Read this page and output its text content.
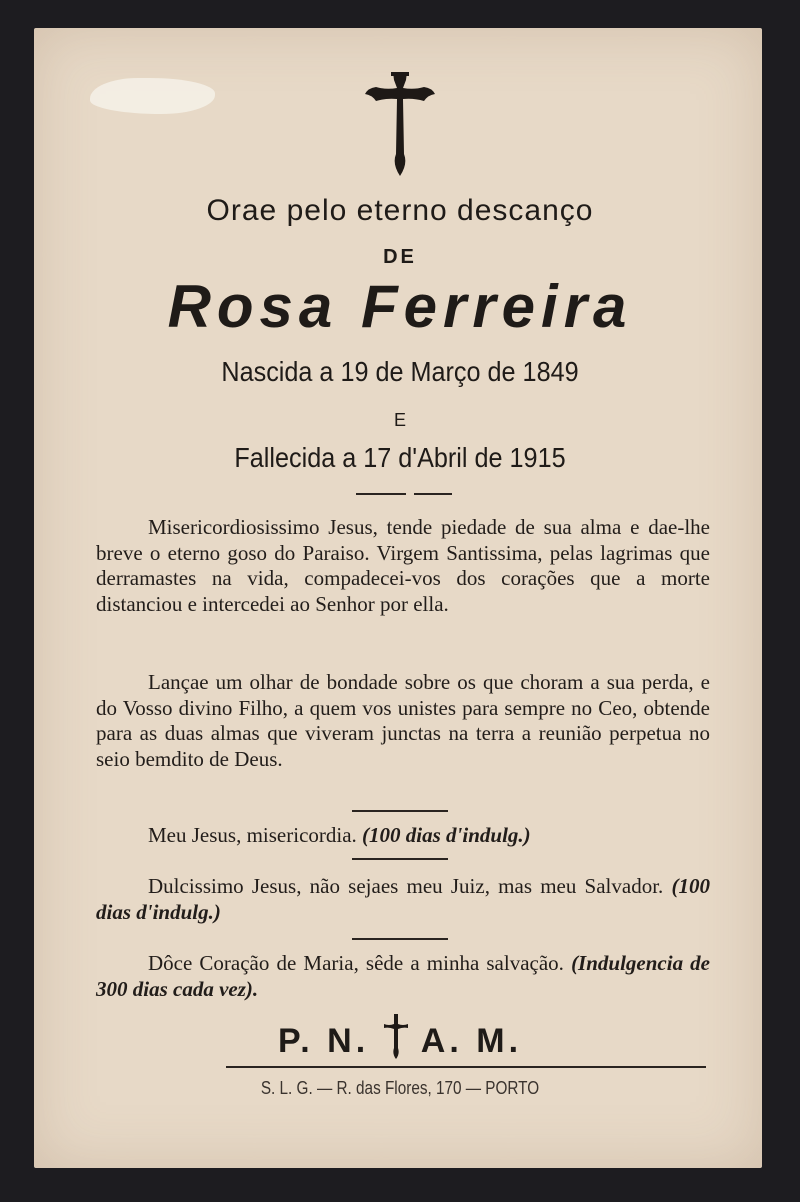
Orae pelo eterno descanço
DE
Rosa Ferreira
Nascida a 19 de Março de 1849
E
Fallecida a 17 d'Abril de 1915
Misericordiosissimo Jesus, tende piedade de sua alma e dae-lhe breve o eterno goso do Paraiso. Virgem Santissima, pelas lagrimas que derramastes na vida, compadecei-vos dos corações que a morte distanciou e intercedei ao Senhor por ella.
Lançae um olhar de bondade sobre os que choram a sua perda, e do Vosso divino Filho, a quem vos unistes para sempre no Ceo, obtende para as duas almas que viveram junctas na terra a reunião perpetua no seio bemdito de Deus.
Meu Jesus, misericordia. (100 dias d'indulg.)
Dulcissimo Jesus, não sejaes meu Juiz, mas meu Salvador. (100 dias d'indulg.)
Dôce Coração de Maria, sêde a minha salvação. (Indulgencia de 300 dias cada vez).
P. N. A. M.
S. L. G. — R. das Flores, 170 — PORTO
